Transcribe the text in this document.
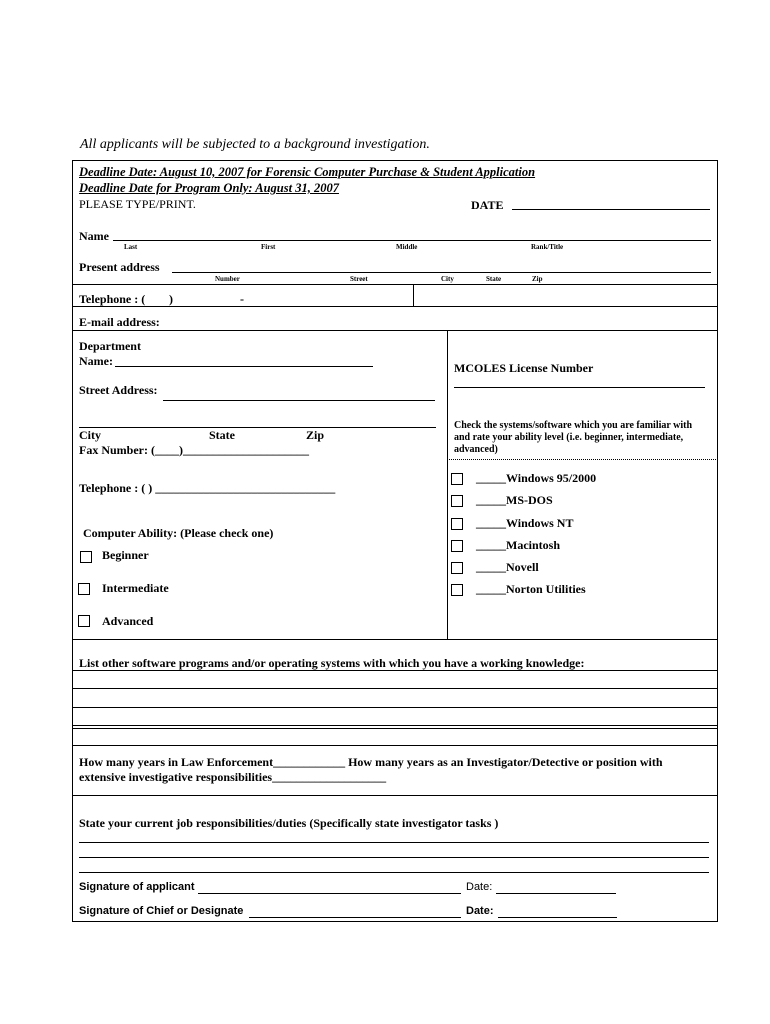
All applicants will be subjected to a background investigation.
Deadline Date: August 10, 2007 for Forensic Computer Purchase & Student Application
Deadline Date for Program Only: August 31, 2007
PLEASE TYPE/PRINT.	DATE
Name
Last	First	Middle	Rank/Title
Present address
Number	Street	City	State	Zip
Telephone : ( )	-
E-mail address:
Department
Name:
Street Address:
City	State	Zip
Fax Number: (____)_____________________
Telephone : ( ) ______________________________
Computer Ability: (Please check one)
Beginner
Intermediate
Advanced
MCOLES License Number
Check the systems/software which you are familiar with and rate your ability level (i.e. beginner, intermediate, advanced)
_____Windows 95/2000
_____MS-DOS
_____Windows NT
_____Macintosh
_____Novell
_____Norton Utilities
List other software programs and/or operating systems with which you have a working knowledge:
How many years in Law Enforcement____________ How many years as an Investigator/Detective or position with
extensive investigative responsibilities___________________
State your current job responsibilities/duties (Specifically state investigator tasks )
Signature of applicant	Date:
Signature of Chief or Designate	Date:
